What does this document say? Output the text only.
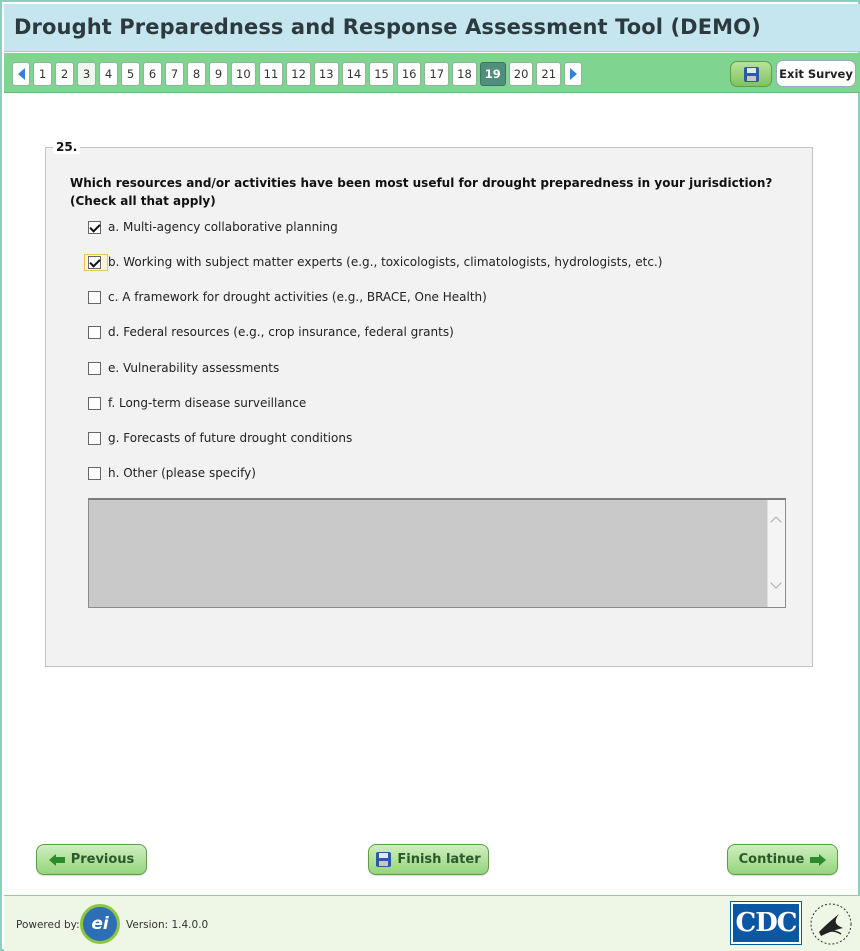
Drought Preparedness and Response Assessment Tool (DEMO)
1	2	3	4	5	6	7	8	9	10	11	12	13	14	15	16	17	18	19	20	21	Exit Survey
25.
Which resources and/or activities have been most useful for drought preparedness in your jurisdiction?
(Check all that apply)
a. Multi-agency collaborative planning
b. Working with subject matter experts (e.g., toxicologists, climatologists, hydrologists, etc.)
c. A framework for drought activities (e.g., BRACE, One Health)
d. Federal resources (e.g., crop insurance, federal grants)
e. Vulnerability assessments
f. Long-term disease surveillance
g. Forecasts of future drought conditions
h. Other (please specify)
Previous	Finish later	Continue
Powered by: ei Version: 1.4.0.0	CDC
